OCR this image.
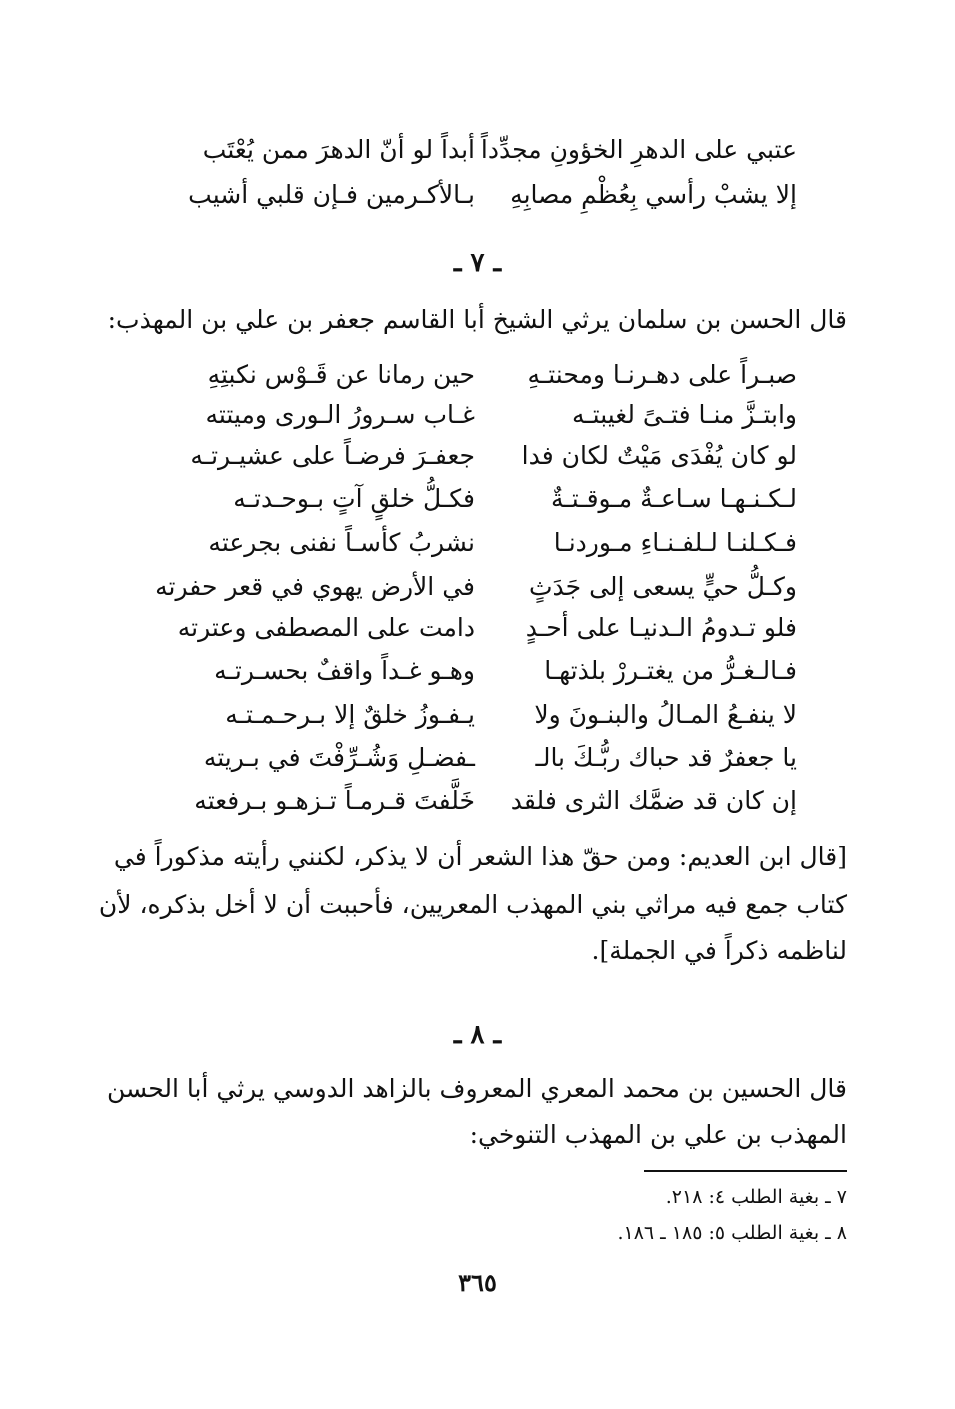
عتبي على الدهرِ الخؤونِ مجدِّداً
أبداً لو أنّ الدهرَ ممن يُعْتَب
إلا يشبْ رأسي بِعُظْمِ مصابِهِ
بـالأكـرمين فـإن قلبي أشيب
ـ ٧ ـ
قال الحسن بن سلمان يرثي الشيخ أبا القاسم جعفر بن علي بن المهذب:
صبـراً على دهـرنـا ومحنتـهِ
حين رمانا عن قَـوْس نكبتِهِ
وابتـزَّ منـا فتـىً لغيبتـه
غـاب سـرورُ الـورى وميتته
لو كان يُفْدَى مَيْتٌ لكان فدا
جعفـرَ فرضـاً على عشيـرتـه
لـكـنـهـا سـاعـةٌ مـوقـتـةٌ
فكـلُّ خلقٍ آتٍ بـوحـدتـه
فـكـلنـا لـلفـنـاءِ مـوردنـا
نشربُ كأسـاً نفنى بجرعته
وكـلُّ حيٍّ يسعى إلى جَدَثٍ
في الأرض يهوي في قعر حفرته
فلو تـدومُ الـدنيـا على أحـدٍ
دامت على المصطفى وعترته
فـالـغـرُّ من يغتـررْ بلذتهـا
وهـو غـداً واقفٌ بحسـرتـه
لا ينفـعُ المـالُ والبنـونَ ولا
يـفـوزُ خلقٌ إلا بـرحـمـتـه
يا جعفرٌ قد حباك ربُّـكَ بالـ
ـفضـلِ وَشُـرِّفْتَ في بـريته
إن كان قد ضمَّك الثرى فلقد
خَلَّفتَ قـرمـاً تـزهـو بـرفعته
[قال ابن العديم: ومن حقّ هذا الشعر أن لا يذكر، لكنني رأيته مذكوراً في
كتاب جمع فيه مراثي بني المهذب المعريين، فأحببت أن لا أخل بذكره، لأن
لناظمه ذكراً في الجملة].
ـ ٨ ـ
قال الحسين بن محمد المعري المعروف بالزاهد الدوسي يرثي أبا الحسن
المهذب بن علي بن المهذب التنوخي:
٧ ـ بغية الطلب ٤: ٢١٨.
٨ ـ بغية الطلب ٥: ١٨٥ ـ ١٨٦.
٣٦٥
